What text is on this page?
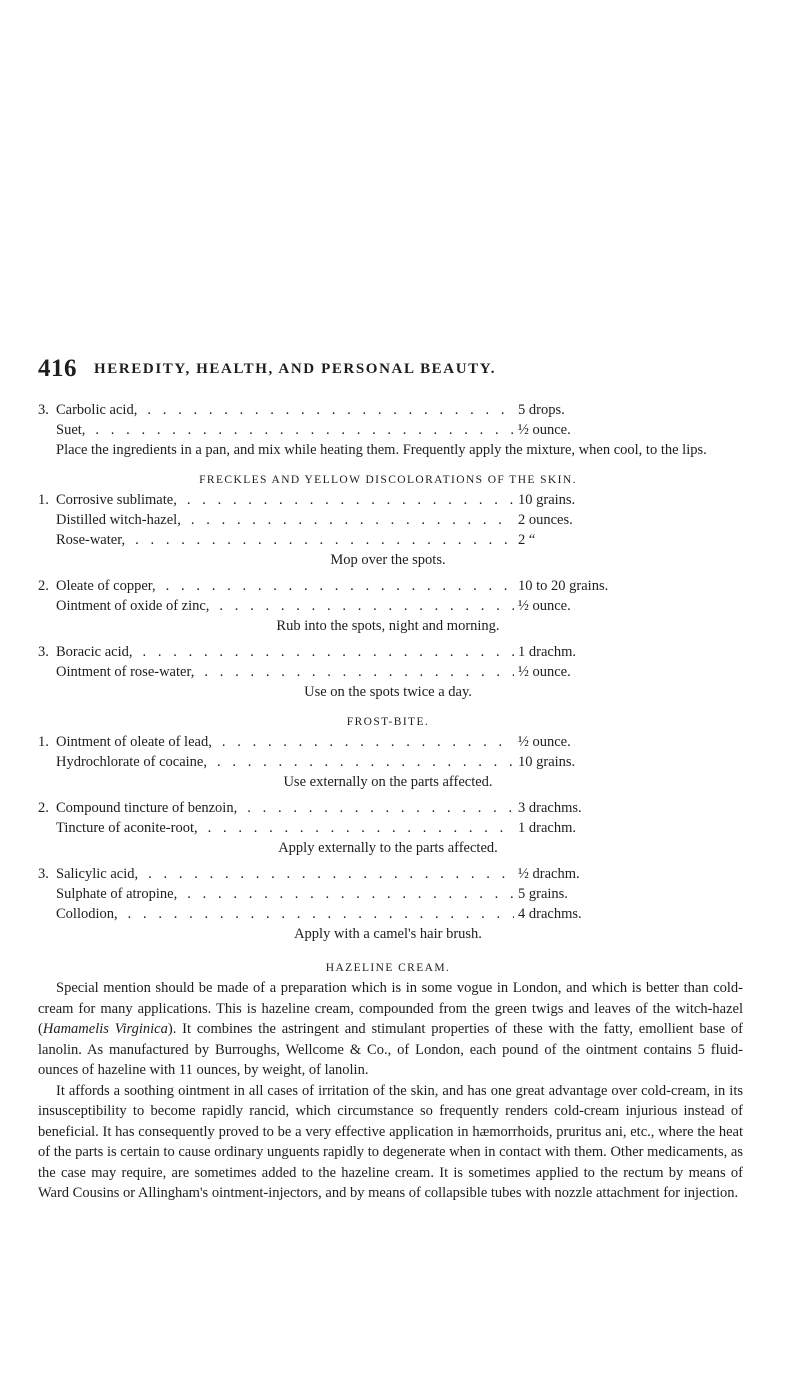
416 HEREDITY, HEALTH, AND PERSONAL BEAUTY.
3. Carbolic acid, . . .	5 drops.
Suet, . . .	½ ounce.

Place the ingredients in a pan, and mix while heating them. Frequently apply the mixture, when cool, to the lips.

FRECKLES AND YELLOW DISCOLORATIONS OF THE SKIN.
1. Corrosive sublimate, . . .	10 grains.
Distilled witch-hazel, . . .	2 ounces.
Rose-water, . . .	2 “
Mop over the spots.
2. Oleate of copper, . . .	10 to 20 grains.
Ointment of oxide of zinc, . . .	½ ounce.
Rub into the spots, night and morning.
3. Boracic acid, . . .	1 drachm.
Ointment of rose-water, . . .	½ ounce.
Use on the spots twice a day.
FROST-BITE.
1. Ointment of oleate of lead, . . .	½ ounce.
Hydrochlorate of cocaine, . . .	10 grains.
Use externally on the parts affected.
2. Compound tincture of benzoin, . . .	3 drachms.
Tincture of aconite-root, . . .	1 drachm.
Apply externally to the parts affected.
3. Salicylic acid, . . .	½ drachm.
Sulphate of atropine, . . .	5 grains.
Collodion, . . .	4 drachms.
Apply with a camel's hair brush.
HAZELINE CREAM.

Special mention should be made of a preparation which is in some vogue in London, and which is better than cold-cream for many applications. This is hazeline cream, compounded from the green twigs and leaves of the witch-hazel (Hamamelis Virginica). It combines the astringent and stimulant properties of these with the fatty, emollient base of lanolin. As manufactured by Burroughs, Wellcome & Co., of London, each pound of the ointment contains 5 fluid-ounces of hazeline with 11 ounces, by weight, of lanolin.

It affords a soothing ointment in all cases of irritation of the skin, and has one great advantage over cold-cream, in its insusceptibility to become rapidly rancid, which circumstance so frequently renders cold-cream injurious instead of beneficial. It has consequently proved to be a very effective application in hæmorrhoids, pruritus ani, etc., where the heat of the parts is certain to cause ordinary unguents rapidly to degenerate when in contact with them. Other medicaments, as the case may require, are sometimes added to the hazeline cream. It is sometimes applied to the rectum by means of Ward Cousins or Allingham's ointment-injectors, and by means of collapsible tubes with nozzle attachment for injection.
